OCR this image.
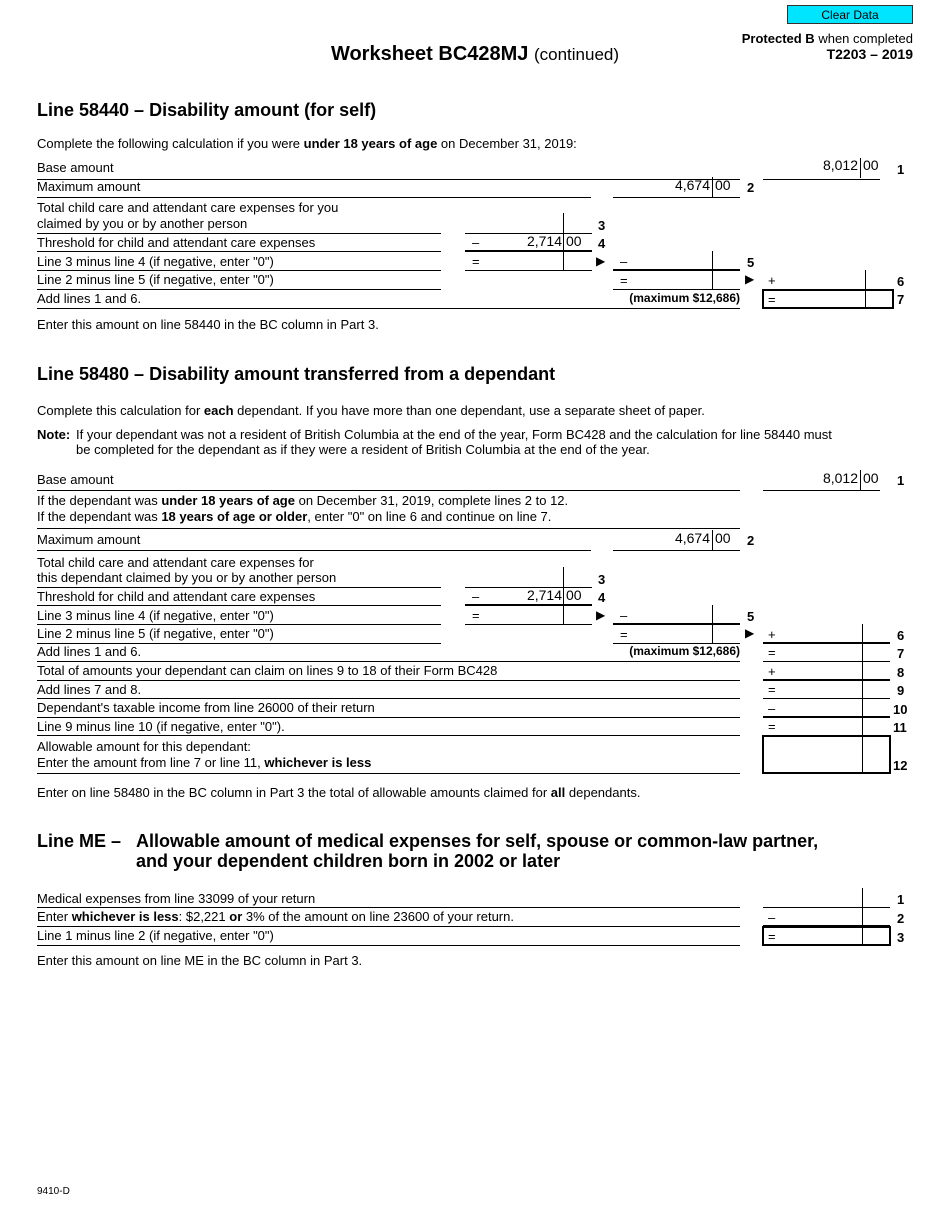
Clear Data
Worksheet BC428MJ (continued)
Protected B when completed
T2203 – 2019
Line 58440 – Disability amount (for self)
Complete the following calculation if you were under 18 years of age on December 31, 2019:
Base amount	8,012 00 1
Maximum amount	4,674 00 2
Total child care and attendant care expenses for you
claimed by you or by another person	3
Threshold for child and attendant care expenses	–	2,714 00 4
Line 3 minus line 4 (if negative, enter "0")	=	▶ –	5
Line 2 minus line 5 (if negative, enter "0")	=	▶ +	6
Add lines 1 and 6.	(maximum $12,686) =	7
Enter this amount on line 58440 in the BC column in Part 3.
Line 58480 – Disability amount transferred from a dependant
Complete this calculation for each dependant. If you have more than one dependant, use a separate sheet of paper.
Note: If your dependant was not a resident of British Columbia at the end of the year, Form BC428 and the calculation for line 58440 must
be completed for the dependant as if they were a resident of British Columbia at the end of the year.
Base amount	8,012 00 1
If the dependant was under 18 years of age on December 31, 2019, complete lines 2 to 12.
If the dependant was 18 years of age or older, enter "0" on line 6 and continue on line 7.
Maximum amount	4,674 00 2
Total child care and attendant care expenses for
this dependant claimed by you or by another person	3
Threshold for child and attendant care expenses	–	2,714 00 4
Line 3 minus line 4 (if negative, enter "0")	=	▶ –	5
Line 2 minus line 5 (if negative, enter "0")	=	▶ +	6
Add lines 1 and 6.	(maximum $12,686) =	7
Total of amounts your dependant can claim on lines 9 to 18 of their Form BC428	+	8
Add lines 7 and 8.	=	9
Dependant's taxable income from line 26000 of their return	–	10
Line 9 minus line 10 (if negative, enter "0").	=	11
Allowable amount for this dependant:
Enter the amount from line 7 or line 11, whichever is less	12
Enter on line 58480 in the BC column in Part 3 the total of allowable amounts claimed for all dependants.
Line ME – Allowable amount of medical expenses for self, spouse or common-law partner,
and your dependent children born in 2002 or later
Medical expenses from line 33099 of your return	1
Enter whichever is less: $2,221 or 3% of the amount on line 23600 of your return.	–	2
Line 1 minus line 2 (if negative, enter "0")	=	3
Enter this amount on line ME in the BC column in Part 3.
9410-D
